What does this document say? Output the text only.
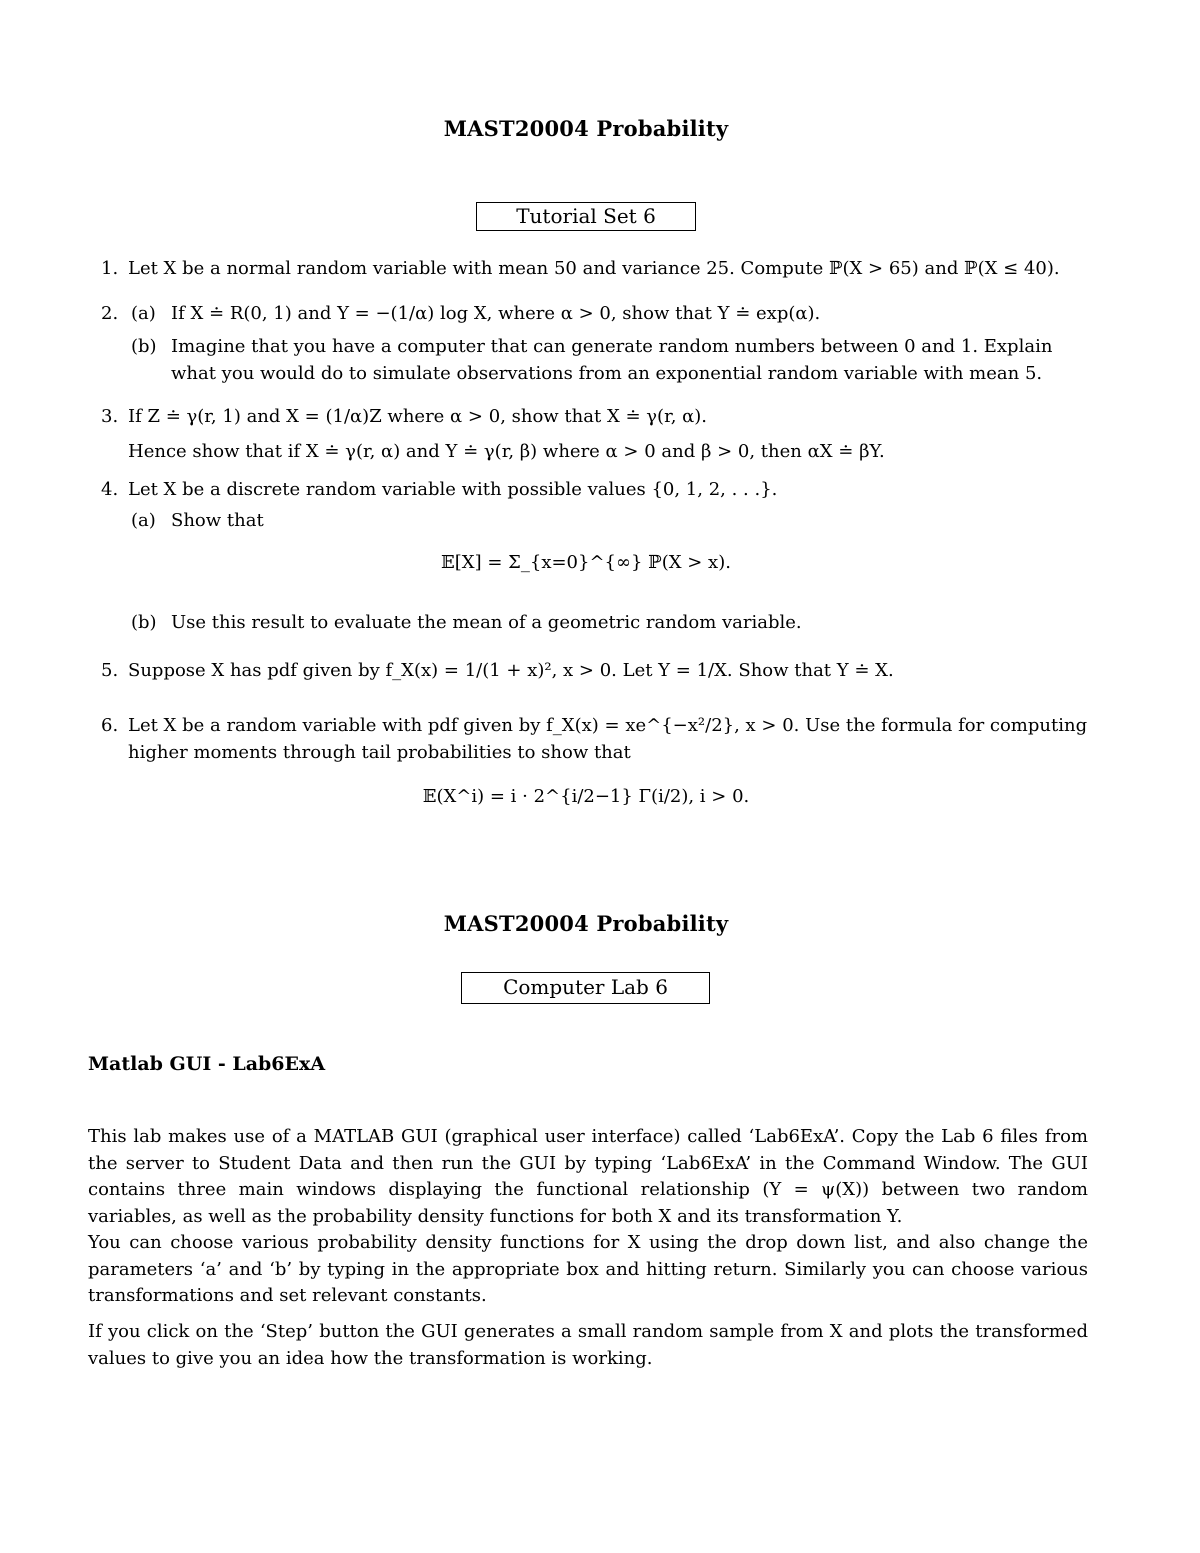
MAST20004 Probability
Tutorial Set 6
1. Let X be a normal random variable with mean 50 and variance 25. Compute ℙ(X > 65) and ℙ(X ≤ 40).
2. (a) If X ≐ R(0, 1) and Y = −(1/α) log X, where α > 0, show that Y ≐ exp(α).
(b) Imagine that you have a computer that can generate random numbers between 0 and 1. Explain
what you would do to simulate observations from an exponential random variable with mean 5.
3. If Z ≐ γ(r, 1) and X = (1/α)Z where α > 0, show that X ≐ γ(r, α).
Hence show that if X ≐ γ(r, α) and Y ≐ γ(r, β) where α > 0 and β > 0, then αX ≐ βY.
4. Let X be a discrete random variable with possible values {0, 1, 2, . . .}.
(a) Show that
𝔼[X] = Σ_{x=0}^{∞} ℙ(X > x).
(b) Use this result to evaluate the mean of a geometric random variable.
5. Suppose X has pdf given by f_X(x) = 1/(1 + x)², x > 0. Let Y = 1/X. Show that Y ≐ X.
6. Let X be a random variable with pdf given by f_X(x) = xe^{−x²/2}, x > 0. Use the formula for computing
higher moments through tail probabilities to show that
𝔼(X^i) = i · 2^{i/2−1} Γ(i/2), i > 0.
MAST20004 Probability
Computer Lab 6
Matlab GUI - Lab6ExA
This lab makes use of a MATLAB GUI (graphical user interface) called ‘Lab6ExA’. Copy the Lab 6 files from the server to Student Data and then run the GUI by typing ‘Lab6ExA’ in the Command Window. The GUI contains three main windows displaying the functional relationship (Y = ψ(X)) between two random variables, as well as the probability density functions for both X and its transformation Y.
You can choose various probability density functions for X using the drop down list, and also change the parameters ‘a’ and ‘b’ by typing in the appropriate box and hitting return. Similarly you can choose various transformations and set relevant constants.
If you click on the ‘Step’ button the GUI generates a small random sample from X and plots the transformed values to give you an idea how the transformation is working.
